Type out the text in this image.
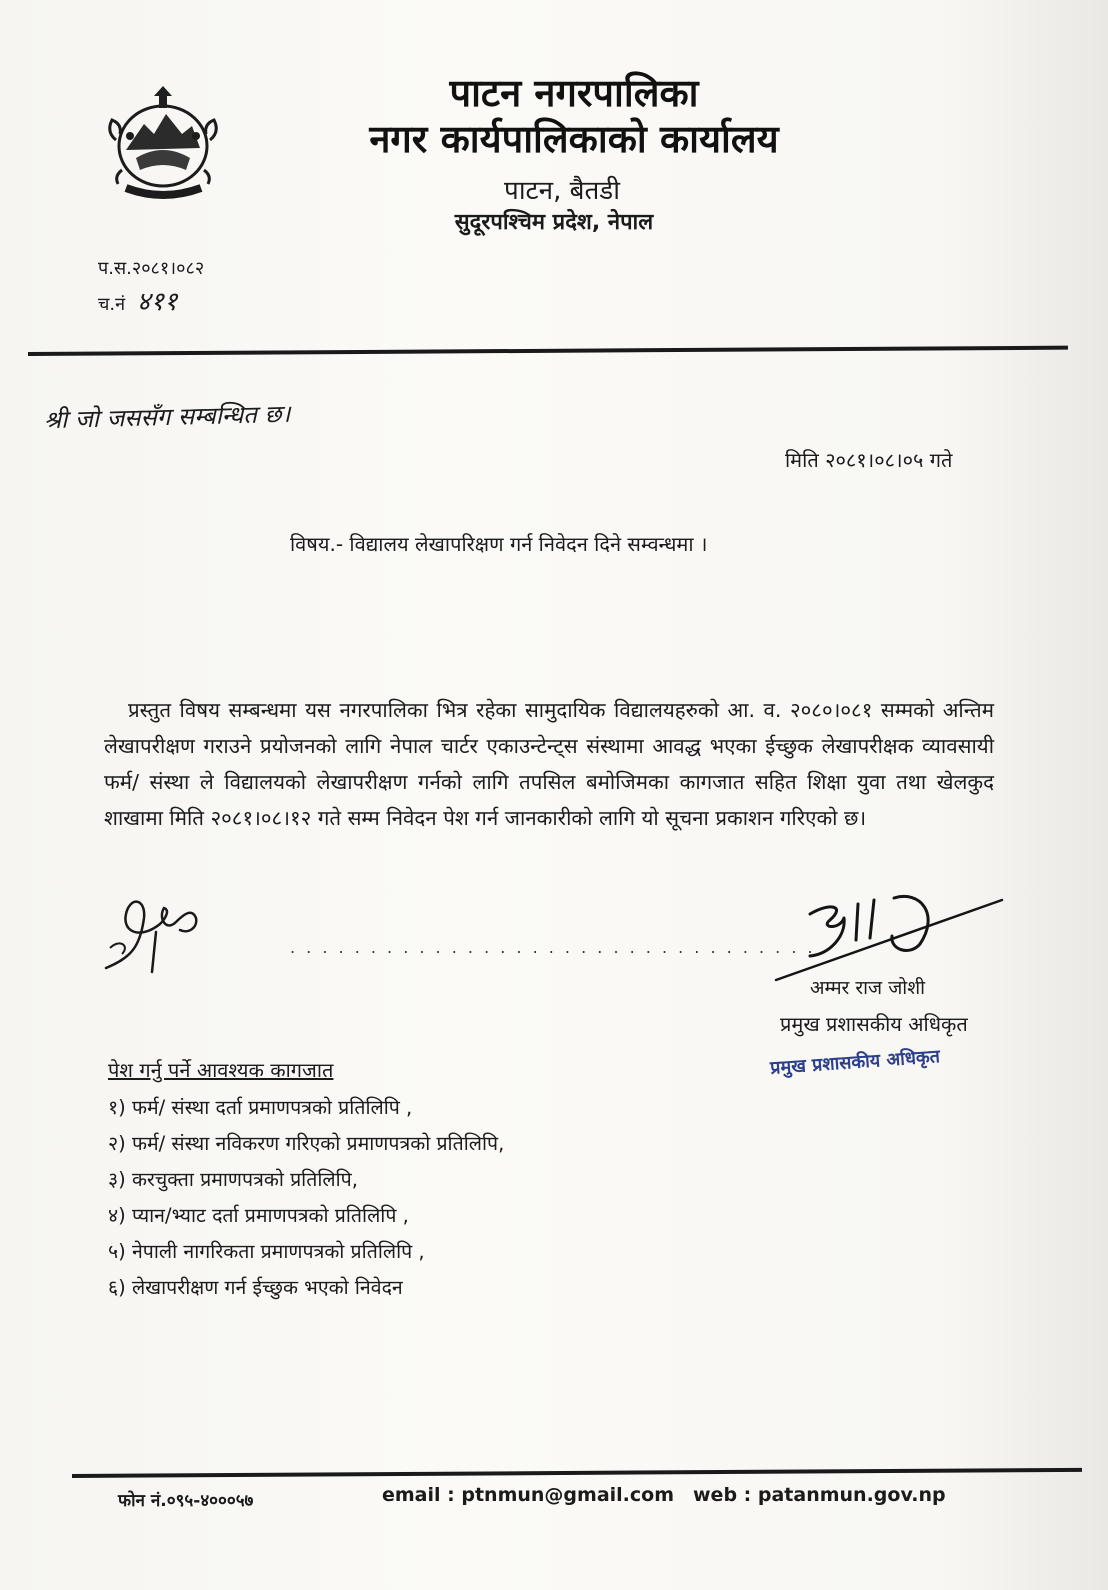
पाटन नगरपालिका
नगर कार्यपालिकाको कार्यालय
पाटन, बैतडी
सुदूरपश्चिम प्रदेश, नेपाल
प.स.२०८१।०८२
च.नं ४११
श्री जो जससँग सम्बन्धित छ।
मिति २०८१।०८।०५ गते
विषय.- विद्यालय लेखापरिक्षण गर्न निवेदन दिने सम्वन्धमा ।
प्रस्तुत विषय सम्बन्धमा यस नगरपालिका भित्र रहेका सामुदायिक विद्यालयहरुको आ. व. २०८०।०८१ सम्मको अन्तिम लेखापरीक्षण गराउने प्रयोजनको लागि नेपाल चार्टर एकाउन्टेन्ट्स संस्थामा आवद्ध भएका ईच्छुक लेखापरीक्षक व्यावसायी फर्म/ संस्था ले विद्यालयको लेखापरीक्षण गर्नको लागि तपसिल बमोजिमका कागजात सहित शिक्षा युवा तथा खेलकुद शाखामा मिति २०८१।०८।१२ गते सम्म निवेदन पेश गर्न जानकारीको लागि यो सूचना प्रकाशन गरिएको छ।
. . . . . . . . . . . . . . . . . . . . . . . . . . . . . . . . .
अम्मर राज जोशी
प्रमुख प्रशासकीय अधिकृत
प्रमुख प्रशासकीय अधिकृत
पेश गर्नु पर्ने आवश्यक कागजात
१) फर्म/ संस्था दर्ता प्रमाणपत्रको प्रतिलिपि ,
२) फर्म/ संस्था नविकरण गरिएको प्रमाणपत्रको प्रतिलिपि,
३) करचुक्ता प्रमाणपत्रको प्रतिलिपि,
४) प्यान/भ्याट दर्ता प्रमाणपत्रको प्रतिलिपि ,
५) नेपाली नागरिकता प्रमाणपत्रको प्रतिलिपि ,
६) लेखापरीक्षण गर्न ईच्छुक भएको निवेदन
फोन नं.०९५-४०००५७	email : ptnmun@gmail.com web : patanmun.gov.np
